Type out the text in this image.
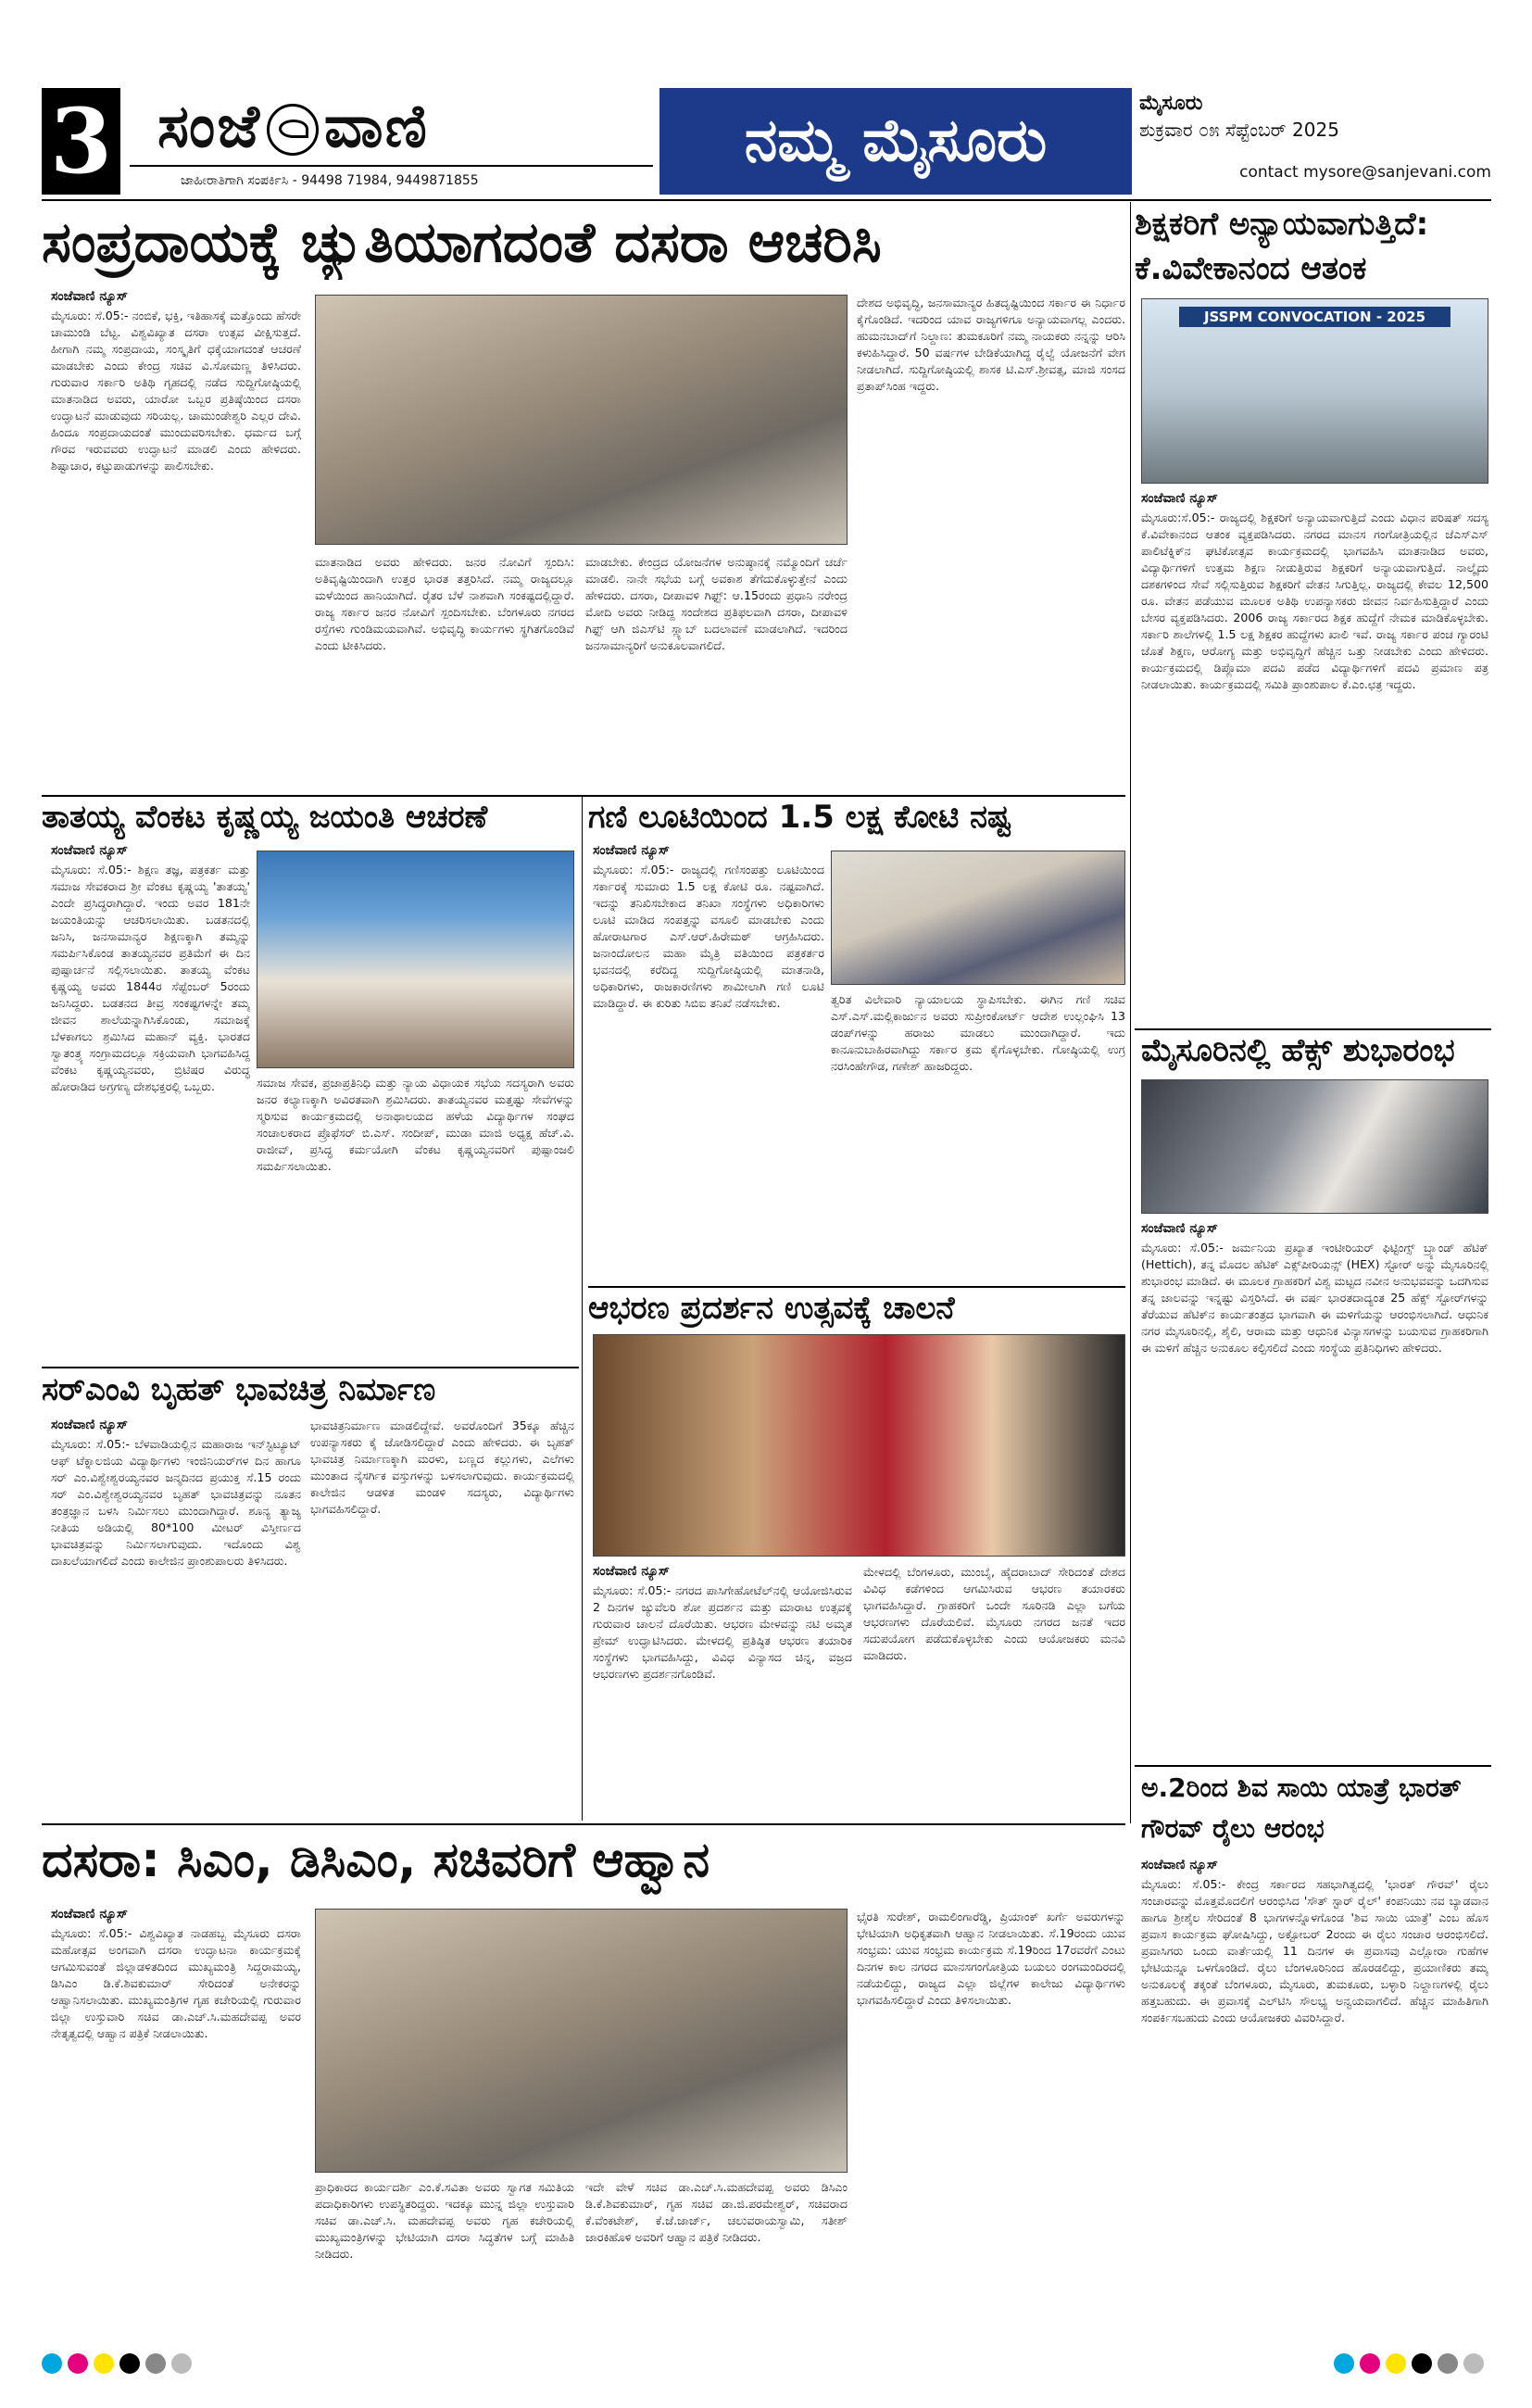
3 ಸಂಜೆ ವಾಣಿ
ಜಾಹೀರಾತಿಗಾಗಿ ಸಂಪರ್ಕಿಸಿ - 94498 71984, 9449871855
ನಮ್ಮ ಮೈಸೂರು
ಮೈಸೂರು
ಶುಕ್ರವಾರ ೦೫ ಸೆಪ್ಟೆಂಬರ್ 2025
contact mysore@sanjevani.com
ಸಂಪ್ರದಾಯಕ್ಕೆ ಚ್ಯುತಿಯಾಗದಂತೆ ದಸರಾ ಆಚರಿಸಿ
ಸಂಜೆವಾಣಿ ನ್ಯೂಸ್
ಮೈಸೂರು: ಸೆ.05:- ನಂಬಿಕೆ, ಭಕ್ತಿ, ಇತಿಹಾಸಕ್ಕೆ ಮತ್ತೊಂದು ಹೆಸರೇ ಚಾಮುಂಡಿ ಬೆಟ್ಟ. ವಿಶ್ವವಿಖ್ಯಾತ ದಸರಾ ಉತ್ಸವ ವೀಕ್ಷಿಸುತ್ತದೆ. ಹೀಗಾಗಿ ನಮ್ಮ ಸಂಪ್ರದಾಯ, ಸಂಸ್ಕೃತಿಗೆ ಧಕ್ಕೆಯಾಗದಂತೆ ಆಚರಣೆ ಮಾಡಬೇಕು ಎಂದು ಕೇಂದ್ರ ಸಚಿವ ವಿ.ಸೋಮಣ್ಣ ತಿಳಿಸಿದರು. ಗುರುವಾರ ಸರ್ಕಾರಿ ಅತಿಥಿ ಗೃಹದಲ್ಲಿ ನಡೆದ ಸುದ್ದಿಗೋಷ್ಠಿಯಲ್ಲಿ ಮಾತನಾಡಿದ ಅವರು, ಯಾರೋ ಒಬ್ಬರ ಪ್ರತಿಷ್ಠೆಯಿಂದ ದಸರಾ ಉದ್ಘಾಟನೆ ಮಾಡುವುದು ಸರಿಯಲ್ಲ. ಚಾಮುಂಡೇಶ್ವರಿ ಎಲ್ಲರ ದೇವಿ. ಹಿಂದೂ ಸಂಪ್ರದಾಯದಂತೆ ಮುಂದುವರಿಸಬೇಕು. ಧರ್ಮದ ಬಗ್ಗೆ ಗೌರವ ಇರುವವರು ಉದ್ಘಾಟನೆ ಮಾಡಲಿ ಎಂದು ಹೇಳಿದರು. ಶಿಷ್ಟಾಚಾರ, ಕಟ್ಟುಪಾಡುಗಳನ್ನು ಪಾಲಿಸಬೇಕು.
ಮಾತನಾಡಿದ ಅವರು ಹೇಳಿದರು. ಜನರ ನೋವಿಗೆ ಸ್ಪಂದಿಸಿ: ಅತಿವೃಷ್ಟಿಯಿಂದಾಗಿ ಉತ್ತರ ಭಾರತ ತತ್ತರಿಸಿದೆ. ನಮ್ಮ ರಾಜ್ಯದಲ್ಲೂ ಮಳೆಯಿಂದ ಹಾನಿಯಾಗಿದೆ. ರೈತರ ಬೆಳೆ ನಾಶವಾಗಿ ಸಂಕಷ್ಟದಲ್ಲಿದ್ದಾರೆ. ರಾಜ್ಯ ಸರ್ಕಾರ ಜನರ ನೋವಿಗೆ ಸ್ಪಂದಿಸಬೇಕು. ಬೆಂಗಳೂರು ನಗರದ ರಸ್ತೆಗಳು ಗುಂಡಿಮಯವಾಗಿವೆ. ಅಭಿವೃದ್ಧಿ ಕಾರ್ಯಗಳು ಸ್ಥಗಿತಗೊಂಡಿವೆ ಎಂದು ಟೀಕಿಸಿದರು.
ಮಾಡಬೇಕು. ಕೇಂದ್ರದ ಯೋಜನೆಗಳ ಅನುಷ್ಠಾನಕ್ಕೆ ನಮ್ಮೊಂದಿಗೆ ಚರ್ಚೆ ಮಾಡಲಿ. ನಾನೇ ಸಭೆಯ ಬಗ್ಗೆ ಅವಕಾಶ ತೆಗೆದುಕೊಳ್ಳುತ್ತೇನೆ ಎಂದು ಹೇಳಿದರು. ದಸರಾ, ದೀಪಾವಳಿ ಗಿಫ್ಟ್: ಆ.15ರಂದು ಪ್ರಧಾನಿ ನರೇಂದ್ರ ಮೋದಿ ಅವರು ನೀಡಿದ್ದ ಸಂದೇಶದ ಪ್ರತಿಫಲವಾಗಿ ದಸರಾ, ದೀಪಾವಳಿ ಗಿಫ್ಟ್ ಆಗಿ ಜಿಎಸ್‌ಟಿ ಸ್ಲ್ಯಾಬ್ ಬದಲಾವಣೆ ಮಾಡಲಾಗಿದೆ. ಇದರಿಂದ ಜನಸಾಮಾನ್ಯರಿಗೆ ಅನುಕೂಲವಾಗಲಿದೆ.
ದೇಶದ ಅಭಿವೃದ್ಧಿ, ಜನಸಾಮಾನ್ಯರ ಹಿತದೃಷ್ಟಿಯಿಂದ ಸರ್ಕಾರ ಈ ನಿರ್ಧಾರ ಕೈಗೊಂಡಿದೆ. ಇದರಿಂದ ಯಾವ ರಾಜ್ಯಗಳಿಗೂ ಅನ್ಯಾಯವಾಗಲ್ಲ ಎಂದರು. ಹುಮನಬಾದ್‌ಗೆ ನಿಲ್ದಾಣ: ತುಮಕೂರಿಗೆ ನಮ್ಮ ನಾಯಕರು ನನ್ನನ್ನು ಆರಿಸಿ ಕಳುಹಿಸಿದ್ದಾರೆ. 50 ವರ್ಷಗಳ ಬೇಡಿಕೆಯಾಗಿದ್ದ ರೈಲ್ವೆ ಯೋಜನೆಗೆ ವೇಗ ನೀಡಲಾಗಿದೆ. ಸುದ್ದಿಗೋಷ್ಠಿಯಲ್ಲಿ ಶಾಸಕ ಟಿ.ಎಸ್.ಶ್ರೀವತ್ಸ, ಮಾಜಿ ಸಂಸದ ಪ್ರತಾಪ್‌ಸಿಂಹ ಇದ್ದರು.
ಶಿಕ್ಷಕರಿಗೆ ಅನ್ಯಾಯವಾಗುತ್ತಿದೆ: ಕೆ.ವಿವೇಕಾನಂದ ಆತಂಕ
JSSPM CONVOCATION - 2025
ಸಂಜೆವಾಣಿ ನ್ಯೂಸ್
ಮೈಸೂರು:ಸೆ.05:- ರಾಜ್ಯದಲ್ಲಿ ಶಿಕ್ಷಕರಿಗೆ ಅನ್ಯಾಯವಾಗುತ್ತಿದೆ ಎಂದು ವಿಧಾನ ಪರಿಷತ್ ಸದಸ್ಯ ಕೆ.ವಿವೇಕಾನಂದ ಆತಂಕ ವ್ಯಕ್ತಪಡಿಸಿದರು. ನಗರದ ಮಾನಸ ಗಂಗೋತ್ರಿಯಲ್ಲಿನ ಜೆಎಸ್‌ಎಸ್ ಪಾಲಿಟೆಕ್ನಿಕ್‌ನ ಘಟಿಕೋತ್ಸವ ಕಾರ್ಯಕ್ರಮದಲ್ಲಿ ಭಾಗವಹಿಸಿ ಮಾತನಾಡಿದ ಅವರು, ವಿದ್ಯಾರ್ಥಿಗಳಿಗೆ ಉತ್ತಮ ಶಿಕ್ಷಣ ನೀಡುತ್ತಿರುವ ಶಿಕ್ಷಕರಿಗೆ ಅನ್ಯಾಯವಾಗುತ್ತಿದೆ. ನಾಲ್ಕೈದು ದಶಕಗಳಿಂದ ಸೇವೆ ಸಲ್ಲಿಸುತ್ತಿರುವ ಶಿಕ್ಷಕರಿಗೆ ವೇತನ ಸಿಗುತ್ತಿಲ್ಲ. ರಾಜ್ಯದಲ್ಲಿ ಕೇವಲ 12,500 ರೂ. ವೇತನ ಪಡೆಯುವ ಮೂಲಕ ಅತಿಥಿ ಉಪನ್ಯಾಸಕರು ಜೀವನ ನಿರ್ವಹಿಸುತ್ತಿದ್ದಾರೆ ಎಂದು ಬೇಸರ ವ್ಯಕ್ತಪಡಿಸಿದರು. 2006 ರಾಜ್ಯ ಸರ್ಕಾರದ ಶಿಕ್ಷಕ ಹುದ್ದೆಗೆ ನೇಮಕ ಮಾಡಿಕೊಳ್ಳಬೇಕು. ಸರ್ಕಾರಿ ಶಾಲೆಗಳಲ್ಲಿ 1.5 ಲಕ್ಷ ಶಿಕ್ಷಕರ ಹುದ್ದೆಗಳು ಖಾಲಿ ಇವೆ. ರಾಜ್ಯ ಸರ್ಕಾರ ಪಂಚ ಗ್ಯಾರಂಟಿ ಜೊತೆ ಶಿಕ್ಷಣ, ಆರೋಗ್ಯ ಮತ್ತು ಅಭಿವೃದ್ಧಿಗೆ ಹೆಚ್ಚಿನ ಒತ್ತು ನೀಡಬೇಕು ಎಂದು ಹೇಳಿದರು. ಕಾರ್ಯಕ್ರಮದಲ್ಲಿ ಡಿಪ್ಲೊಮಾ ಪದವಿ ಪಡೆದ ವಿದ್ಯಾರ್ಥಿಗಳಿಗೆ ಪದವಿ ಪ್ರಮಾಣ ಪತ್ರ ನೀಡಲಾಯಿತು. ಕಾರ್ಯಕ್ರಮದಲ್ಲಿ ಸಮಿತಿ ಪ್ರಾಂಶುಪಾಲ ಕೆ.ಎಂ.ಛತ್ರ ಇದ್ದರು.
ತಾತಯ್ಯ ವೆಂಕಟ ಕೃಷ್ಣಯ್ಯ ಜಯಂತಿ ಆಚರಣೆ
ಸಂಜೆವಾಣಿ ನ್ಯೂಸ್
ಮೈಸೂರು: ಸೆ.05:- ಶಿಕ್ಷಣ ತಜ್ಞ, ಪತ್ರಕರ್ತ ಮತ್ತು ಸಮಾಜ ಸೇವಕರಾದ ಶ್ರೀ ವೆಂಕಟ ಕೃಷ್ಣಯ್ಯ 'ತಾತಯ್ಯ' ಎಂದೇ ಪ್ರಸಿದ್ಧರಾಗಿದ್ದಾರೆ. ಇಂದು ಅವರ 181ನೇ ಜಯಂತಿಯನ್ನು ಆಚರಿಸಲಾಯಿತು. ಬಡತನದಲ್ಲಿ ಜನಿಸಿ, ಜನಸಾಮಾನ್ಯರ ಶಿಕ್ಷಣಕ್ಕಾಗಿ ತಮ್ಮನ್ನು ಸಮರ್ಪಿಸಿಕೊಂಡ ತಾತಯ್ಯನವರ ಪ್ರತಿಮೆಗೆ ಈ ದಿನ ಪುಷ್ಪಾರ್ಚನೆ ಸಲ್ಲಿಸಲಾಯಿತು. ತಾತಯ್ಯ ವೆಂಕಟ ಕೃಷ್ಣಯ್ಯ ಅವರು 1844ರ ಸೆಪ್ಟೆಂಬರ್ 5ರಂದು ಜನಿಸಿದ್ದರು. ಬಡತನದ ತೀವ್ರ ಸಂಕಷ್ಟಗಳನ್ನೇ ತಮ್ಮ ಜೀವನ ಶಾಲೆಯನ್ನಾಗಿಸಿಕೊಂಡು, ಸಮಾಜಕ್ಕೆ ಬೆಳಕಾಗಲು ಶ್ರಮಿಸಿದ ಮಹಾನ್ ವ್ಯಕ್ತಿ. ಭಾರತದ ಸ್ವಾತಂತ್ರ್ಯ ಸಂಗ್ರಾಮದಲ್ಲೂ ಸಕ್ರಿಯವಾಗಿ ಭಾಗವಹಿಸಿದ್ದ ವೆಂಕಟ ಕೃಷ್ಣಯ್ಯನವರು, ಬ್ರಿಟಿಷರ ವಿರುದ್ಧ ಹೋರಾಡಿದ ಅಗ್ರಗಣ್ಯ ದೇಶಭಕ್ತರಲ್ಲಿ ಒಬ್ಬರು.	ಸಮಾಜ ಸೇವಕ, ಪ್ರಜಾಪ್ರತಿನಿಧಿ ಮತ್ತು ನ್ಯಾಯ ವಿಧಾಯಕ ಸಭೆಯ ಸದಸ್ಯರಾಗಿ ಅವರು ಜನರ ಕಲ್ಯಾಣಕ್ಕಾಗಿ ಅವಿರತವಾಗಿ ಶ್ರಮಿಸಿದರು. ತಾತಯ್ಯನವರ ಮತ್ತಷ್ಟು ಸೇವೆಗಳನ್ನು ಸ್ಮರಿಸುವ ಕಾರ್ಯಕ್ರಮದಲ್ಲಿ ಅನಾಥಾಲಯದ ಹಳೆಯ ವಿದ್ಯಾರ್ಥಿಗಳ ಸಂಘದ ಸಂಚಾಲಕರಾದ ಪ್ರೊಫೆಸರ್ ಬಿ.ಎಸ್. ಸಂದೀಪ್, ಮುಡಾ ಮಾಜಿ ಅಧ್ಯಕ್ಷ ಹೆಚ್.ವಿ. ರಾಜೀವ್, ಪ್ರಸಿದ್ಧ ಕರ್ಮಯೋಗಿ ವೆಂಕಟ ಕೃಷ್ಣಯ್ಯನವರಿಗೆ ಪುಷ್ಪಾಂಜಲಿ ಸಮರ್ಪಿಸಲಾಯಿತು.
ಗಣಿ ಲೂಟಿಯಿಂದ 1.5 ಲಕ್ಷ ಕೋಟಿ ನಷ್ಟ
ಸಂಜೆವಾಣಿ ನ್ಯೂಸ್
ಮೈಸೂರು: ಸೆ.05:- ರಾಜ್ಯದಲ್ಲಿ ಗಣಿಸಂಪತ್ತು ಲೂಟಿಯಿಂದ ಸರ್ಕಾರಕ್ಕೆ ಸುಮಾರು 1.5 ಲಕ್ಷ ಕೋಟಿ ರೂ. ನಷ್ಟವಾಗಿದೆ. ಇದನ್ನು ತನಿಖಿಸಬೇಕಾದ ತನಿಖಾ ಸಂಸ್ಥೆಗಳು ಅಧಿಕಾರಿಗಳು ಲೂಟಿ ಮಾಡಿದ ಸಂಪತ್ತನ್ನು ವಸೂಲಿ ಮಾಡಬೇಕು ಎಂದು ಹೋರಾಟಗಾರ ಎಸ್.ಆರ್.ಹಿರೇಮಠ್ ಆಗ್ರಹಿಸಿದರು. ಜನಾಂದೋಲನ ಮಹಾ ಮೈತ್ರಿ ವತಿಯಿಂದ ಪತ್ರಕರ್ತರ ಭವನದಲ್ಲಿ ಕರೆದಿದ್ದ ಸುದ್ದಿಗೋಷ್ಠಿಯಲ್ಲಿ ಮಾತನಾಡಿ, ಅಧಿಕಾರಿಗಳು, ರಾಜಕಾರಣಿಗಳು ಶಾಮೀಲಾಗಿ ಗಣಿ ಲೂಟಿ ಮಾಡಿದ್ದಾರೆ. ಈ ಕುರಿತು ಸಿಬಿಐ ತನಿಖೆ ನಡೆಸಬೇಕು.	ತ್ವರಿತ ವಿಲೇವಾರಿ ನ್ಯಾಯಾಲಯ ಸ್ಥಾಪಿಸಬೇಕು. ಈಗಿನ ಗಣಿ ಸಚಿವ ಎಸ್.ಎಸ್.ಮಲ್ಲಿಕಾರ್ಜುನ ಅವರು ಸುಪ್ರೀಂಕೋರ್ಟ್ ಆದೇಶ ಉಲ್ಲಂಘಿಸಿ 13 ಡಂಪ್‌ಗಳನ್ನು ಹರಾಜು ಮಾಡಲು ಮುಂದಾಗಿದ್ದಾರೆ. ಇದು ಕಾನೂನುಬಾಹಿರವಾಗಿದ್ದು ಸರ್ಕಾರ ಕ್ರಮ ಕೈಗೊಳ್ಳಬೇಕು. ಗೋಷ್ಠಿಯಲ್ಲಿ ಉಗ್ರ ನರಸಿಂಹೇಗೌಡ, ಗಣೇಶ್ ಹಾಜರಿದ್ದರು.
ಆಭರಣ ಪ್ರದರ್ಶನ ಉತ್ಸವಕ್ಕೆ ಚಾಲನೆ
ಸಂಜೆವಾಣಿ ನ್ಯೂಸ್
ಮೈಸೂರು: ಸೆ.05:- ನಗರದ ಪಾಸಿಗೇಹೋಟೆಲ್‌ನಲ್ಲಿ ಆಯೋಜಿಸಿರುವ 2 ದಿನಗಳ ಜ್ಯುವೆಲರಿ ಶೋ ಪ್ರದರ್ಶನ ಮತ್ತು ಮಾರಾಟ ಉತ್ಸವಕ್ಕೆ ಗುರುವಾರ ಚಾಲನೆ ದೊರೆಯಿತು. ಆಭರಣ ಮೇಳವನ್ನು ನಟಿ ಅಮೃತ ಪ್ರೇಮ್ ಉದ್ಘಾಟಿಸಿದರು. ಮೇಳದಲ್ಲಿ ಪ್ರತಿಷ್ಠಿತ ಆಭರಣ ತಯಾರಿಕ ಸಂಸ್ಥೆಗಳು ಭಾಗವಹಿಸಿದ್ದು, ವಿವಿಧ ವಿನ್ಯಾಸದ ಚಿನ್ನ, ವಜ್ರದ ಆಭರಣಗಳು ಪ್ರದರ್ಶನಗೊಂಡಿವೆ.
ಮೇಳದಲ್ಲಿ ಬೆಂಗಳೂರು, ಮುಂಬೈ, ಹೈದರಾಬಾದ್ ಸೇರಿದಂತೆ ದೇಶದ ವಿವಿಧ ಕಡೆಗಳಿಂದ ಆಗಮಿಸಿರುವ ಆಭರಣ ತಯಾರಕರು ಭಾಗವಹಿಸಿದ್ದಾರೆ. ಗ್ರಾಹಕರಿಗೆ ಒಂದೇ ಸೂರಿನಡಿ ಎಲ್ಲಾ ಬಗೆಯ ಆಭರಣಗಳು ದೊರೆಯಲಿವೆ. ಮೈಸೂರು ನಗರದ ಜನತೆ ಇದರ ಸದುಪಯೋಗ ಪಡೆದುಕೊಳ್ಳಬೇಕು ಎಂದು ಆಯೋಜಕರು ಮನವಿ ಮಾಡಿದರು.
ಸರ್‌ಎಂವಿ ಬೃಹತ್ ಭಾವಚಿತ್ರ ನಿರ್ಮಾಣ
ಸಂಜೆವಾಣಿ ನ್ಯೂಸ್
ಮೈಸೂರು: ಸೆ.05:- ಬೆಳವಾಡಿಯಲ್ಲಿನ ಮಹಾರಾಜ ಇನ್‌ಸ್ಟಿಟ್ಯೂಟ್ ಆಫ್ ಟೆಕ್ನಾಲಜಿಯ ವಿದ್ಯಾರ್ಥಿಗಳು ಇಂಜಿನಿಯರ್‌ಗಳ ದಿನ ಹಾಗೂ ಸರ್ ಎಂ.ವಿಶ್ವೇಶ್ವರಯ್ಯನವರ ಜನ್ಮದಿನದ ಪ್ರಯುಕ್ತ ಸೆ.15 ರಂದು ಸರ್ ಎಂ.ವಿಶ್ವೇಶ್ವರಯ್ಯನವರ ಬೃಹತ್ ಭಾವಚಿತ್ರವನ್ನು ನೂತನ ತಂತ್ರಜ್ಞಾನ ಬಳಸಿ ನಿರ್ಮಿಸಲು ಮುಂದಾಗಿದ್ದಾರೆ. ಶೂನ್ಯ ತ್ಯಾಜ್ಯ ನೀತಿಯ ಅಡಿಯಲ್ಲಿ 80*100 ಮೀಟರ್ ವಿಸ್ತೀರ್ಣದ ಭಾವಚಿತ್ರವನ್ನು ನಿರ್ಮಿಸಲಾಗುವುದು. ಇದೊಂದು ವಿಶ್ವ ದಾಖಲೆಯಾಗಲಿದೆ ಎಂದು ಕಾಲೇಜಿನ ಪ್ರಾಂಶುಪಾಲರು ತಿಳಿಸಿದರು.
ಭಾವಚಿತ್ರನಿರ್ಮಾಣ ಮಾಡಲಿದ್ದೇವೆ. ಅವರೊಂದಿಗೆ 35ಕ್ಕೂ ಹೆಚ್ಚಿನ ಉಪನ್ಯಾಸಕರು ಕೈ ಜೋಡಿಸಲಿದ್ದಾರೆ ಎಂದು ಹೇಳಿದರು. ಈ ಬೃಹತ್ ಭಾವಚಿತ್ರ ನಿರ್ಮಾಣಕ್ಕಾಗಿ ಮರಳು, ಬಣ್ಣದ ಕಲ್ಲುಗಳು, ಎಲೆಗಳು ಮುಂತಾದ ನೈಸರ್ಗಿಕ ವಸ್ತುಗಳನ್ನು ಬಳಸಲಾಗುವುದು. ಕಾರ್ಯಕ್ರಮದಲ್ಲಿ ಕಾಲೇಜಿನ ಆಡಳಿತ ಮಂಡಳಿ ಸದಸ್ಯರು, ವಿದ್ಯಾರ್ಥಿಗಳು ಭಾಗವಹಿಸಲಿದ್ದಾರೆ.
ಮೈಸೂರಿನಲ್ಲಿ ಹೆಕ್ಸ್ ಶುಭಾರಂಭ
ಸಂಜೆವಾಣಿ ನ್ಯೂಸ್
ಮೈಸೂರು: ಸೆ.05:- ಜರ್ಮನಿಯ ಪ್ರಖ್ಯಾತ ಇಂಟೀರಿಯರ್ ಫಿಟ್ಟಿಂಗ್ಸ್ ಬ್ರ್ಯಾಂಡ್ ಹೆಟಿಕ್ (Hettich), ತನ್ನ ಮೊದಲ ಹೆಟಿಕ್ ಎಕ್ಸ್‌ಪೀರಿಯನ್ಸ್ (HEX) ಸ್ಟೋರ್ ಅನ್ನು ಮೈಸೂರಿನಲ್ಲಿ ಶುಭಾರಂಭ ಮಾಡಿದೆ. ಈ ಮೂಲಕ ಗ್ರಾಹಕರಿಗೆ ವಿಶ್ವ ಮಟ್ಟದ ನವೀನ ಅನುಭವವನ್ನು ಒದಗಿಸುವ ತನ್ನ ಜಾಲವನ್ನು ಇನ್ನಷ್ಟು ವಿಸ್ತರಿಸಿದೆ. ಈ ವರ್ಷ ಭಾರತದಾದ್ಯಂತ 25 ಹೆಕ್ಸ್ ಸ್ಟೋರ್‌ಗಳನ್ನು ತೆರೆಯುವ ಹೆಟಿಕ್‌ನ ಕಾರ್ಯತಂತ್ರದ ಭಾಗವಾಗಿ ಈ ಮಳಿಗೆಯನ್ನು ಆರಂಭಿಸಲಾಗಿದೆ. ಆಧುನಿಕ ನಗರ ಮೈಸೂರಿನಲ್ಲಿ, ಶೈಲಿ, ಆರಾಮ ಮತ್ತು ಆಧುನಿಕ ವಿನ್ಯಾಸಗಳನ್ನು ಬಯಸುವ ಗ್ರಾಹಕರಿಗಾಗಿ ಈ ಮಳಿಗೆ ಹೆಚ್ಚಿನ ಅನುಕೂಲ ಕಲ್ಪಿಸಲಿದೆ ಎಂದು ಸಂಸ್ಥೆಯ ಪ್ರತಿನಿಧಿಗಳು ಹೇಳಿದರು.
ಅ.2ರಿಂದ ಶಿವ ಸಾಯಿ ಯಾತ್ರೆ ಭಾರತ್ ಗೌರವ್ ರೈಲು ಆರಂಭ
ಸಂಜೆವಾಣಿ ನ್ಯೂಸ್
ಮೈಸೂರು: ಸೆ.05:- ಕೇಂದ್ರ ಸರ್ಕಾರದ ಸಹಭಾಗಿತ್ವದಲ್ಲಿ 'ಭಾರತ್ ಗೌರವ್' ರೈಲು ಸಂಚಾರವನ್ನು ಮೊತ್ತಮೊದಲಿಗೆ ಆರಂಭಿಸಿದ 'ಸೌತ್ ಸ್ಟಾರ್ ರೈಲ್' ಕಂಪನಿಯು ನವ ಬ್ಯಾಡವಾನ ಹಾಗೂ ಶ್ರೀಶೈಲ ಸೇರಿದಂತೆ 8 ಭಾಗಗಳನ್ನೊಳಗೊಂಡ 'ಶಿವ ಸಾಯಿ ಯಾತ್ರೆ' ಎಂಬ ಹೊಸ ಪ್ರವಾಸ ಕಾರ್ಯಕ್ರಮ ಘೋಷಿಸಿದ್ದು, ಅಕ್ಟೋಬರ್ 2ರಂದು ಈ ರೈಲು ಸಂಚಾರ ಆರಂಭಿಸಲಿದೆ. ಪ್ರವಾಸಿಗರು ಒಂದು ವಾರ್ತೆಯಲ್ಲಿ 11 ದಿನಗಳ ಈ ಪ್ರವಾಸವು ಎಲ್ಲೋರಾ ಗುಹೆಗಳ ಭೇಟಿಯನ್ನೂ ಒಳಗೊಂಡಿದೆ. ರೈಲು ಬೆಂಗಳೂರಿನಿಂದ ಹೊರಡಲಿದ್ದು, ಪ್ರಯಾಣಿಕರು ತಮ್ಮ ಅನುಕೂಲಕ್ಕೆ ತಕ್ಕಂತೆ ಬೆಂಗಳೂರು, ಮೈಸೂರು, ತುಮಕೂರು, ಬಳ್ಳಾರಿ ನಿಲ್ದಾಣಗಳಲ್ಲಿ ರೈಲು ಹತ್ತಬಹುದು. ಈ ಪ್ರವಾಸಕ್ಕೆ ಎಲ್‌ಟಿಸಿ ಸೌಲಭ್ಯ ಅನ್ವಯವಾಗಲಿದೆ. ಹೆಚ್ಚಿನ ಮಾಹಿತಿಗಾಗಿ ಸಂಪರ್ಕಿಸಬಹುದು ಎಂದು ಆಯೋಜಕರು ವಿವರಿಸಿದ್ದಾರೆ.
ದಸರಾ: ಸಿಎಂ, ಡಿಸಿಎಂ, ಸಚಿವರಿಗೆ ಆಹ್ವಾನ
ಸಂಜೆವಾಣಿ ನ್ಯೂಸ್
ಮೈಸೂರು: ಸೆ.05:- ವಿಶ್ವವಿಖ್ಯಾತ ನಾಡಹಬ್ಬ ಮೈಸೂರು ದಸರಾ ಮಹೋತ್ಸವ ಅಂಗವಾಗಿ ದಸರಾ ಉದ್ಘಾಟನಾ ಕಾರ್ಯಕ್ರಮಕ್ಕೆ ಆಗಮಿಸುವಂತೆ ಜಿಲ್ಲಾಡಳಿತದಿಂದ ಮುಖ್ಯಮಂತ್ರಿ ಸಿದ್ದರಾಮಯ್ಯ, ಡಿಸಿಎಂ ಡಿ.ಕೆ.ಶಿವಕುಮಾರ್ ಸೇರಿದಂತೆ ಅನೇಕರನ್ನು ಆಹ್ವಾನಿಸಲಾಯಿತು. ಮುಖ್ಯಮಂತ್ರಿಗಳ ಗೃಹ ಕಚೇರಿಯಲ್ಲಿ ಗುರುವಾರ ಜಿಲ್ಲಾ ಉಸ್ತುವಾರಿ ಸಚಿವ ಡಾ.ಎಚ್.ಸಿ.ಮಹದೇವಪ್ಪ ಅವರ ನೇತೃತ್ವದಲ್ಲಿ ಆಹ್ವಾನ ಪತ್ರಿಕೆ ನೀಡಲಾಯಿತು.
ಪ್ರಾಧಿಕಾರದ ಕಾರ್ಯದರ್ಶಿ ಎಂ.ಕೆ.ಸವಿತಾ ಅವರು ಸ್ವಾಗತ ಸಮಿತಿಯ ಪದಾಧಿಕಾರಿಗಳು ಉಪಸ್ಥಿತರಿದ್ದರು. ಇದಕ್ಕೂ ಮುನ್ನ ಜಿಲ್ಲಾ ಉಸ್ತುವಾರಿ ಸಚಿವ ಡಾ.ಎಚ್.ಸಿ. ಮಹದೇವಪ್ಪ ಅವರು ಗೃಹ ಕಚೇರಿಯಲ್ಲಿ ಮುಖ್ಯಮಂತ್ರಿಗಳನ್ನು ಭೇಟಿಯಾಗಿ ದಸರಾ ಸಿದ್ಧತೆಗಳ ಬಗ್ಗೆ ಮಾಹಿತಿ ನೀಡಿದರು.
ಇದೇ ವೇಳೆ ಸಚಿವ ಡಾ.ಎಚ್.ಸಿ.ಮಹದೇವಪ್ಪ ಅವರು ಡಿಸಿಎಂ ಡಿ.ಕೆ.ಶಿವಕುಮಾರ್, ಗೃಹ ಸಚಿವ ಡಾ.ಜಿ.ಪರಮೇಶ್ವರ್, ಸಚಿವರಾದ ಕೆ.ವೆಂಕಟೇಶ್, ಕೆ.ಜೆ.ಜಾರ್ಜ್, ಚಲುವರಾಯಸ್ವಾಮಿ, ಸತೀಶ್ ಜಾರಕಿಹೊಳಿ ಅವರಿಗೆ ಆಹ್ವಾನ ಪತ್ರಿಕೆ ನೀಡಿದರು.
ಭೈರತಿ ಸುರೇಶ್, ರಾಮಲಿಂಗಾರೆಡ್ಡಿ, ಪ್ರಿಯಾಂಕ್ ಖರ್ಗೆ ಅವರುಗಳನ್ನು ಭೇಟಿಯಾಗಿ ಅಧಿಕೃತವಾಗಿ ಆಹ್ವಾನ ನೀಡಲಾಯಿತು. ಸೆ.19ರಂದು ಯುವ ಸಂಭ್ರಮ: ಯುವ ಸಂಭ್ರಮ ಕಾರ್ಯಕ್ರಮ ಸೆ.19ರಿಂದ 17ರವರೆಗೆ ಎಂಟು ದಿನಗಳ ಕಾಲ ನಗರದ ಮಾನಸಗಂಗೋತ್ರಿಯ ಬಯಲು ರಂಗಮಂದಿರದಲ್ಲಿ ನಡೆಯಲಿದ್ದು, ರಾಜ್ಯದ ಎಲ್ಲಾ ಜಿಲ್ಲೆಗಳ ಕಾಲೇಜು ವಿದ್ಯಾರ್ಥಿಗಳು ಭಾಗವಹಿಸಲಿದ್ದಾರೆ ಎಂದು ತಿಳಿಸಲಾಯಿತು.
